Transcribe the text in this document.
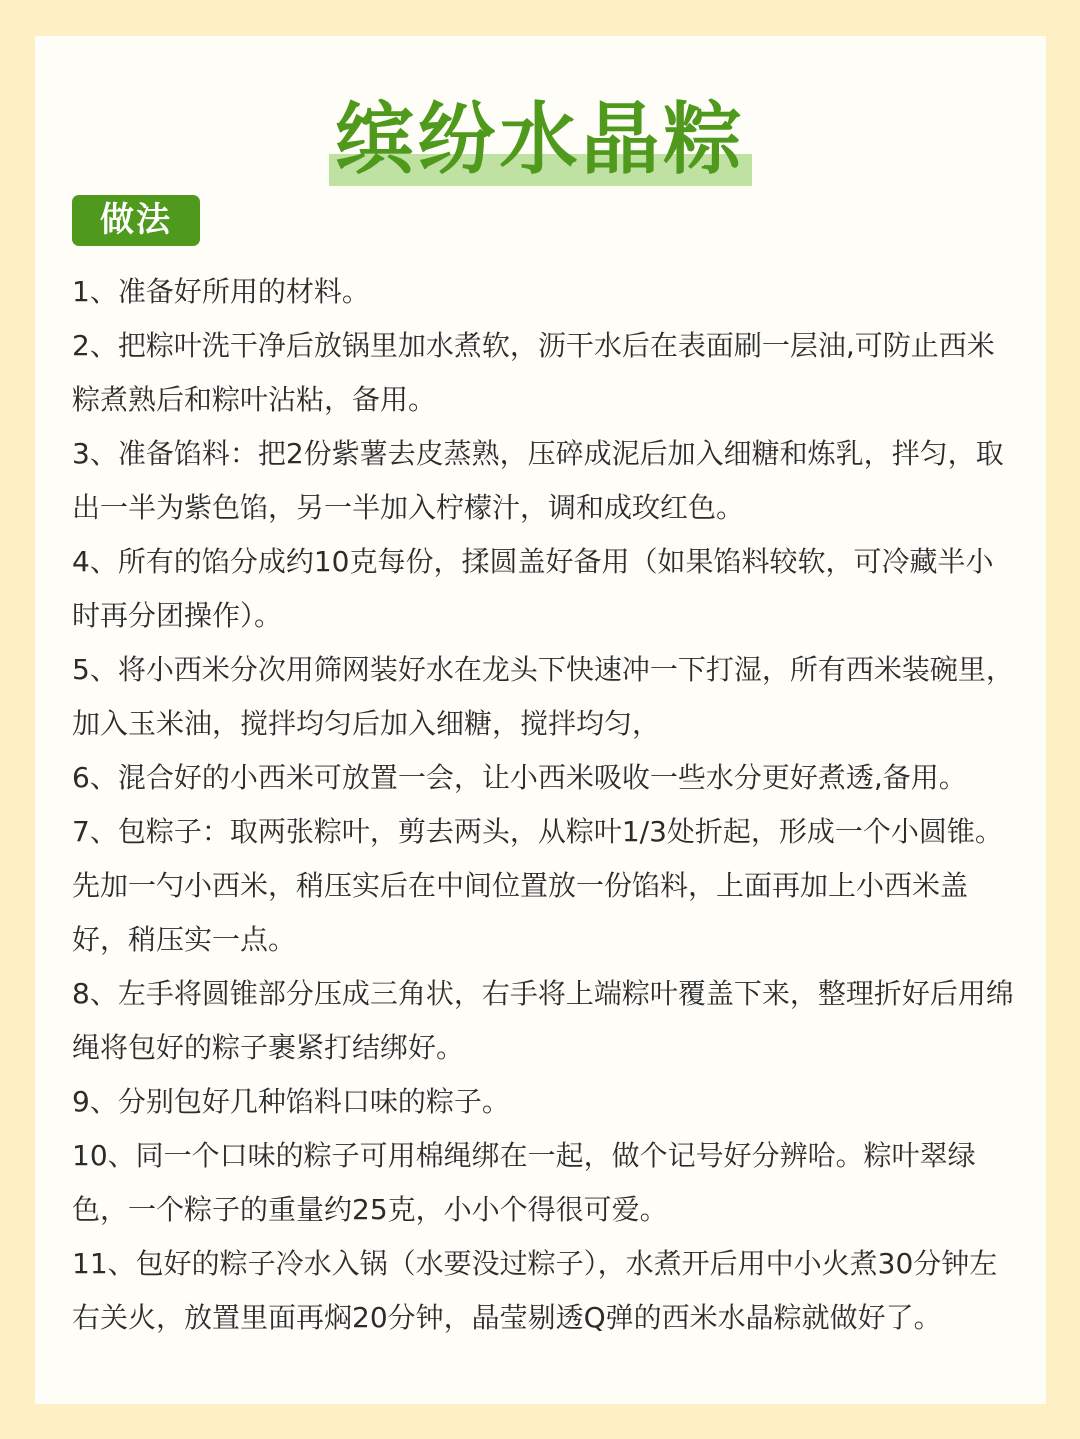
缤纷水晶粽
做法
1、准备好所用的材料。
2、把粽叶洗干净后放锅里加水煮软，沥干水后在表面刷一层油,可防止西米粽煮熟后和粽叶沾粘，备用。
3、准备馅料：把2份紫薯去皮蒸熟，压碎成泥后加入细糖和炼乳，拌匀，取出一半为紫色馅，另一半加入柠檬汁，调和成玫红色。
4、所有的馅分成约10克每份，揉圆盖好备用（如果馅料较软，可冷藏半小时再分团操作）。
5、将小西米分次用筛网装好水在龙头下快速冲一下打湿，所有西米装碗里，加入玉米油，搅拌均匀后加入细糖，搅拌均匀，
6、混合好的小西米可放置一会，让小西米吸收一些水分更好煮透,备用。
7、包粽子：取两张粽叶，剪去两头，从粽叶1/3处折起，形成一个小圆锥。先加一勺小西米，稍压实后在中间位置放一份馅料，上面再加上小西米盖好，稍压实一点。
8、左手将圆锥部分压成三角状，右手将上端粽叶覆盖下来，整理折好后用绵绳将包好的粽子裹紧打结绑好。
9、分别包好几种馅料口味的粽子。
10、同一个口味的粽子可用棉绳绑在一起，做个记号好分辨哈。粽叶翠绿色，一个粽子的重量约25克，小小个得很可爱。
11、包好的粽子冷水入锅（水要没过粽子），水煮开后用中小火煮30分钟左右关火，放置里面再焖20分钟，晶莹剔透Q弹的西米水晶粽就做好了。
